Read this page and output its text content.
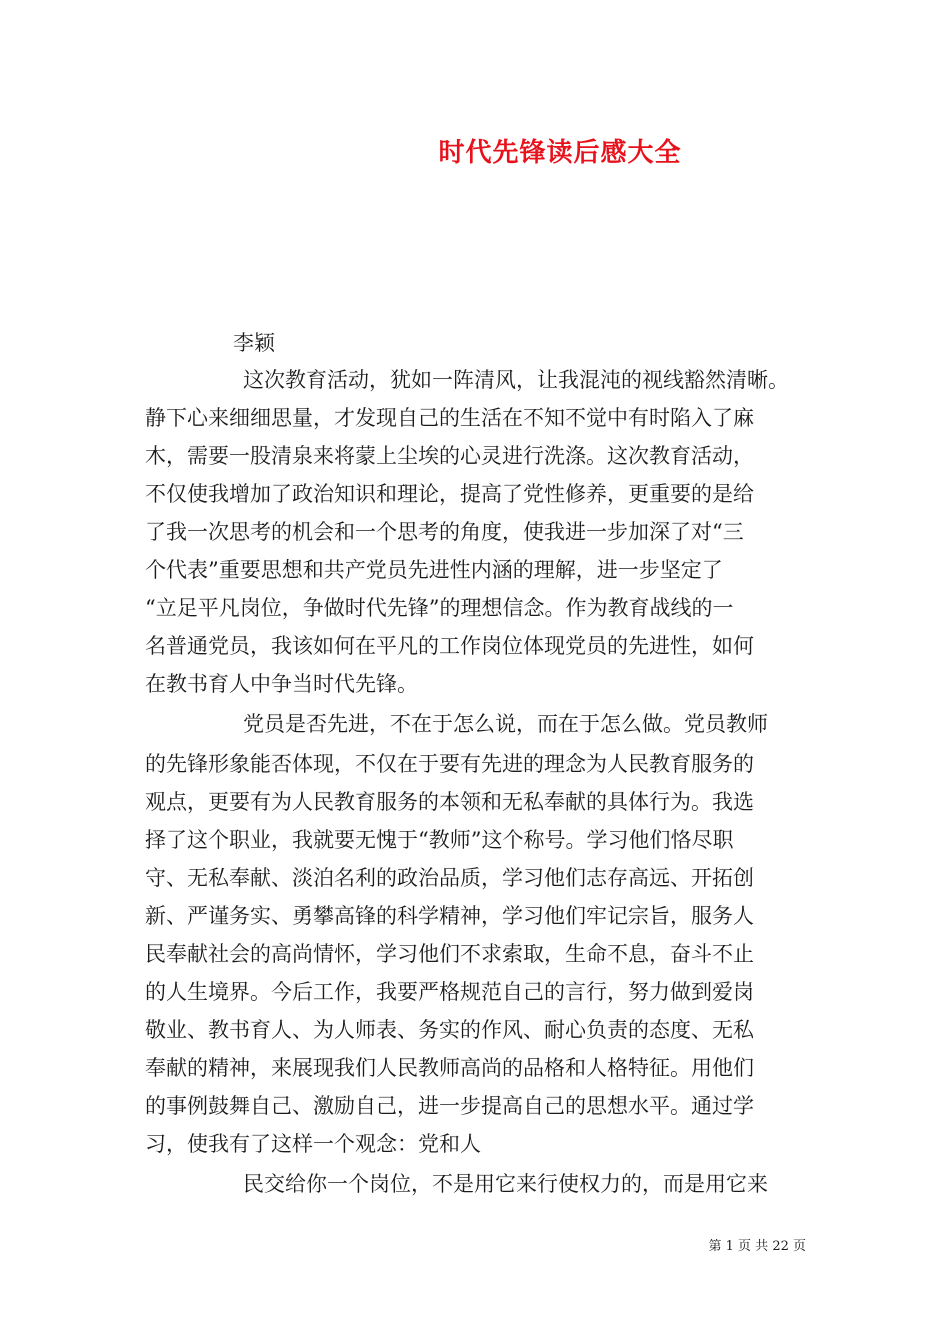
时代先锋读后感大全
李颖
这次教育活动，犹如一阵清风，让我混沌的视线豁然清晰。
静下心来细细思量，才发现自己的生活在不知不觉中有时陷入了麻
木，需要一股清泉来将蒙上尘埃的心灵进行洗涤。这次教育活动，
不仅使我增加了政治知识和理论，提高了党性修养，更重要的是给
了我一次思考的机会和一个思考的角度，使我进一步加深了对“三
个代表”重要思想和共产党员先进性内涵的理解，进一步坚定了
“立足平凡岗位，争做时代先锋”的理想信念。作为教育战线的一
名普通党员，我该如何在平凡的工作岗位体现党员的先进性，如何
在教书育人中争当时代先锋。
党员是否先进，不在于怎么说，而在于怎么做。党员教师
的先锋形象能否体现，不仅在于要有先进的理念为人民教育服务的
观点，更要有为人民教育服务的本领和无私奉献的具体行为。我选
择了这个职业，我就要无愧于“教师”这个称号。学习他们恪尽职
守、无私奉献、淡泊名利的政治品质，学习他们志存高远、开拓创
新、严谨务实、勇攀高锋的科学精神，学习他们牢记宗旨，服务人
民奉献社会的高尚情怀，学习他们不求索取，生命不息，奋斗不止
的人生境界。今后工作，我要严格规范自己的言行，努力做到爱岗
敬业、教书育人、为人师表、务实的作风、耐心负责的态度、无私
奉献的精神，来展现我们人民教师高尚的品格和人格特征。用他们
的事例鼓舞自己、激励自己，进一步提高自己的思想水平。通过学
习，使我有了这样一个观念：党和人
民交给你一个岗位，不是用它来行使权力的，而是用它来
第 1 页 共 22 页
